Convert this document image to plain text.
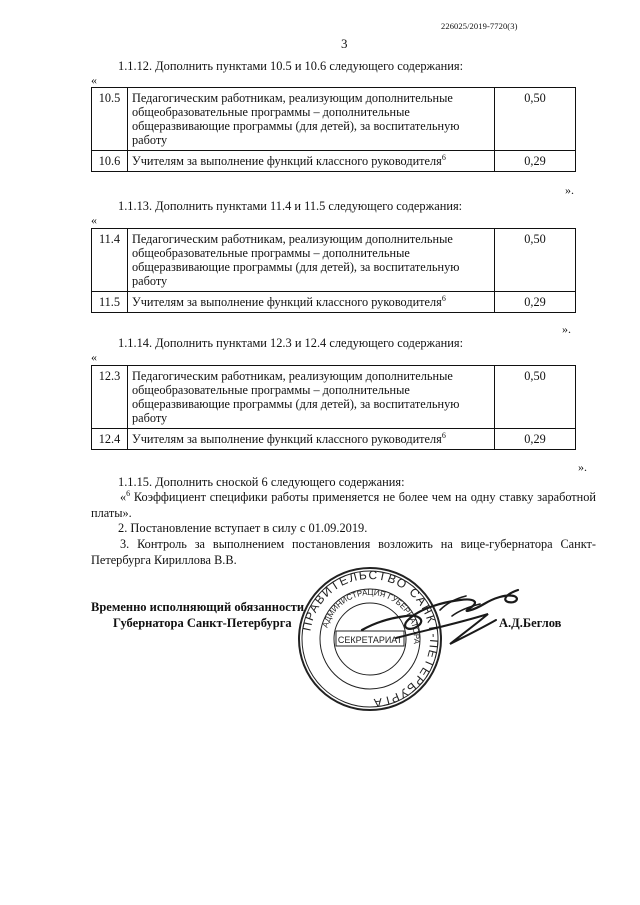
226025/2019-7720(3)
3
1.1.12. Дополнить пунктами 10.5 и 10.6 следующего содержания:
«
10.5	Педагогическим работникам, реализующим дополнительные общеобразовательные программы – дополнительные общеразвивающие программы (для детей), за воспитательную работу	0,50
10.6	Учителям за выполнение функций классного руководителя$^6$	0,29
».
1.1.13. Дополнить пунктами 11.4 и 11.5 следующего содержания:
«
11.4	Педагогическим работникам, реализующим дополнительные общеобразовательные программы – дополнительные общеразвивающие программы (для детей), за воспитательную работу	0,50
11.5	Учителям за выполнение функций классного руководителя$^6$	0,29
».
1.1.14. Дополнить пунктами 12.3 и 12.4 следующего содержания:
«
12.3	Педагогическим работникам, реализующим дополнительные общеобразовательные программы – дополнительные общеразвивающие программы (для детей), за воспитательную работу	0,50
12.4	Учителям за выполнение функций классного руководителя$^6$	0,29
».
1.1.15. Дополнить сноской 6 следующего содержания:
«$^6$ Коэффициент специфики работы применяется не более чем на одну ставку заработной платы».
2. Постановление вступает в силу с 01.09.2019.
3. Контроль за выполнением постановления возложить на вице-губернатора Санкт-Петербурга Кириллова В.В.
Временно исполняющий обязанности
Губернатора Санкт-Петербурга	А.Д.Беглов
ПРАВИТЕЛЬСТВО САНКТ-ПЕТЕРБУРГА
АДМИНИСТРАЦИЯ ГУБЕРНАТОРА
СЕКРЕТАРИАТ
